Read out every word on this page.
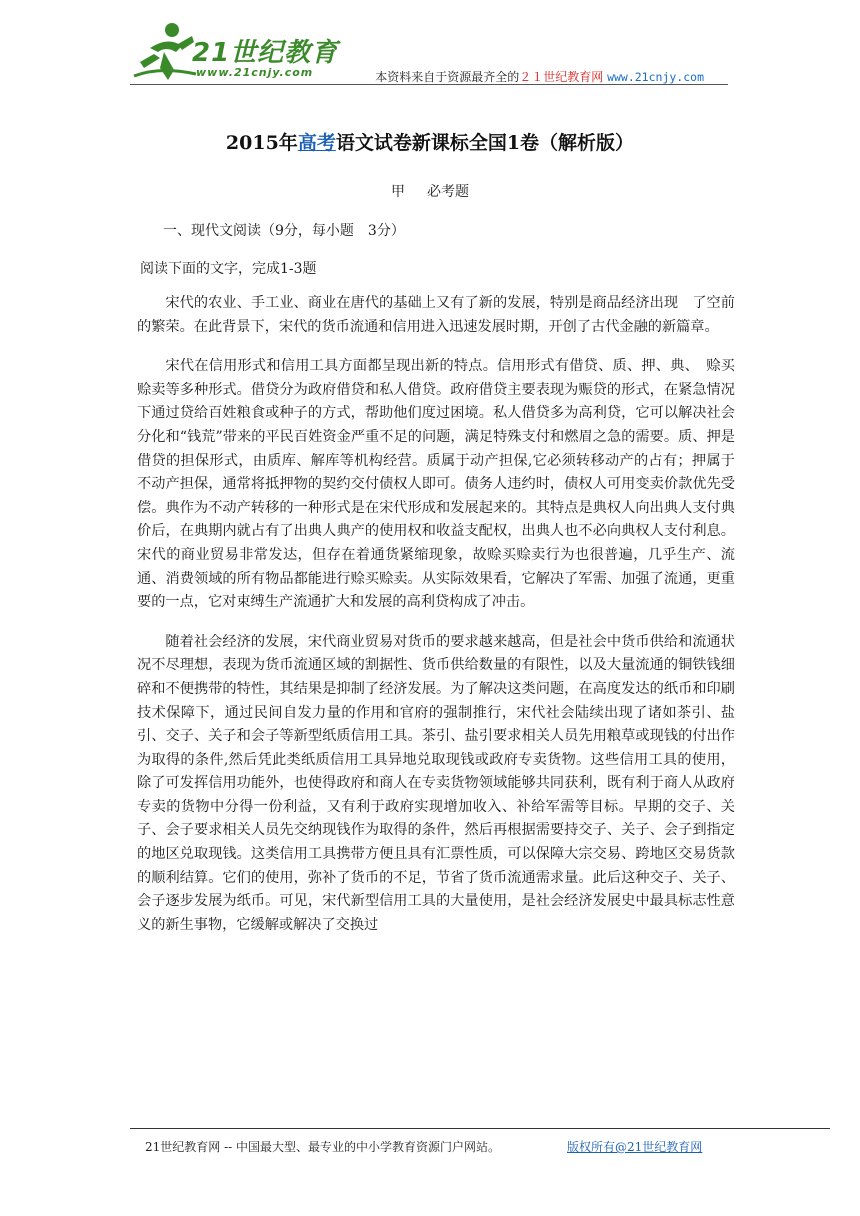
21世纪教育
www.21cnjy.com	本资料来自于资源最齐全的２１世纪教育网 www.21cnjy.com
2015年高考语文试卷新课标全国1卷（解析版）
甲 必考题
一、现代文阅读（9分，每小题　3分）
阅读下面的文字，完成1-3题

宋代的农业、手工业、商业在唐代的基础上又有了新的发展，特别是商品经济出现　了空前的繁荣。在此背景下，宋代的货币流通和信用进入迅速发展时期，开创了古代金融的新篇章。

宋代在信用形式和信用工具方面都呈现出新的特点。信用形式有借贷、质、押、典、　赊买赊卖等多种形式。借贷分为政府借贷和私人借贷。政府借贷主要表现为赈贷的形式，在紧急情况下通过贷给百姓粮食或种子的方式，帮助他们度过困境。私人借贷多为高利贷，它可以解决社会分化和“钱荒”带来的平民百姓资金严重不足的问题，满足特殊支付和燃眉之急的需要。质、押是借贷的担保形式，由质库、解库等机构经营。质属于动产担保,它必须转移动产的占有；押属于不动产担保，通常将抵押物的契约交付债权人即可。债务人违约时，债权人可用变卖价款优先受偿。典作为不动产转移的一种形式是在宋代形成和发展起来的。其特点是典权人向出典人支付典价后，在典期内就占有了出典人典产的使用权和收益支配权，出典人也不必向典权人支付利息。宋代的商业贸易非常发达，但存在着通货紧缩现象，故赊买赊卖行为也很普遍，几乎生产、流通、消费领域的所有物品都能进行赊买赊卖。从实际效果看，它解决了军需、加强了流通，更重要的一点，它对束缚生产流通扩大和发展的高利贷构成了冲击。

随着社会经济的发展，宋代商业贸易对货币的要求越来越高，但是社会中货币供给和流通状况不尽理想，表现为货币流通区域的割据性、货币供给数量的有限性，以及大量流通的铜铁钱细碎和不便携带的特性，其结果是抑制了经济发展。为了解决这类问题，在高度发达的纸币和印刷技术保障下，通过民间自发力量的作用和官府的强制推行，宋代社会陆续出现了诸如茶引、盐引、交子、关子和会子等新型纸质信用工具。茶引、盐引要求相关人员先用粮草或现钱的付出作为取得的条件,然后凭此类纸质信用工具异地兑取现钱或政府专卖货物。这些信用工具的使用，除了可发挥信用功能外，也使得政府和商人在专卖货物领域能够共同获利，既有利于商人从政府专卖的货物中分得一份利益，又有利于政府实现增加收入、补给军需等目标。早期的交子、关子、会子要求相关人员先交纳现钱作为取得的条件，然后再根据需要持交子、关子、会子到指定的地区兑取现钱。这类信用工具携带方便且具有汇票性质，可以保障大宗交易、跨地区交易货款的顺利结算。它们的使用，弥补了货币的不足，节省了货币流通需求量。此后这种交子、关子、会子逐步发展为纸币。可见，宋代新型信用工具的大量使用，是社会经济发展史中最具标志性意义的新生事物，它缓解或解决了交换过

21世纪教育网 -- 中国最大型、最专业的中小学教育资源门户网站。	版权所有@21世纪教育网
